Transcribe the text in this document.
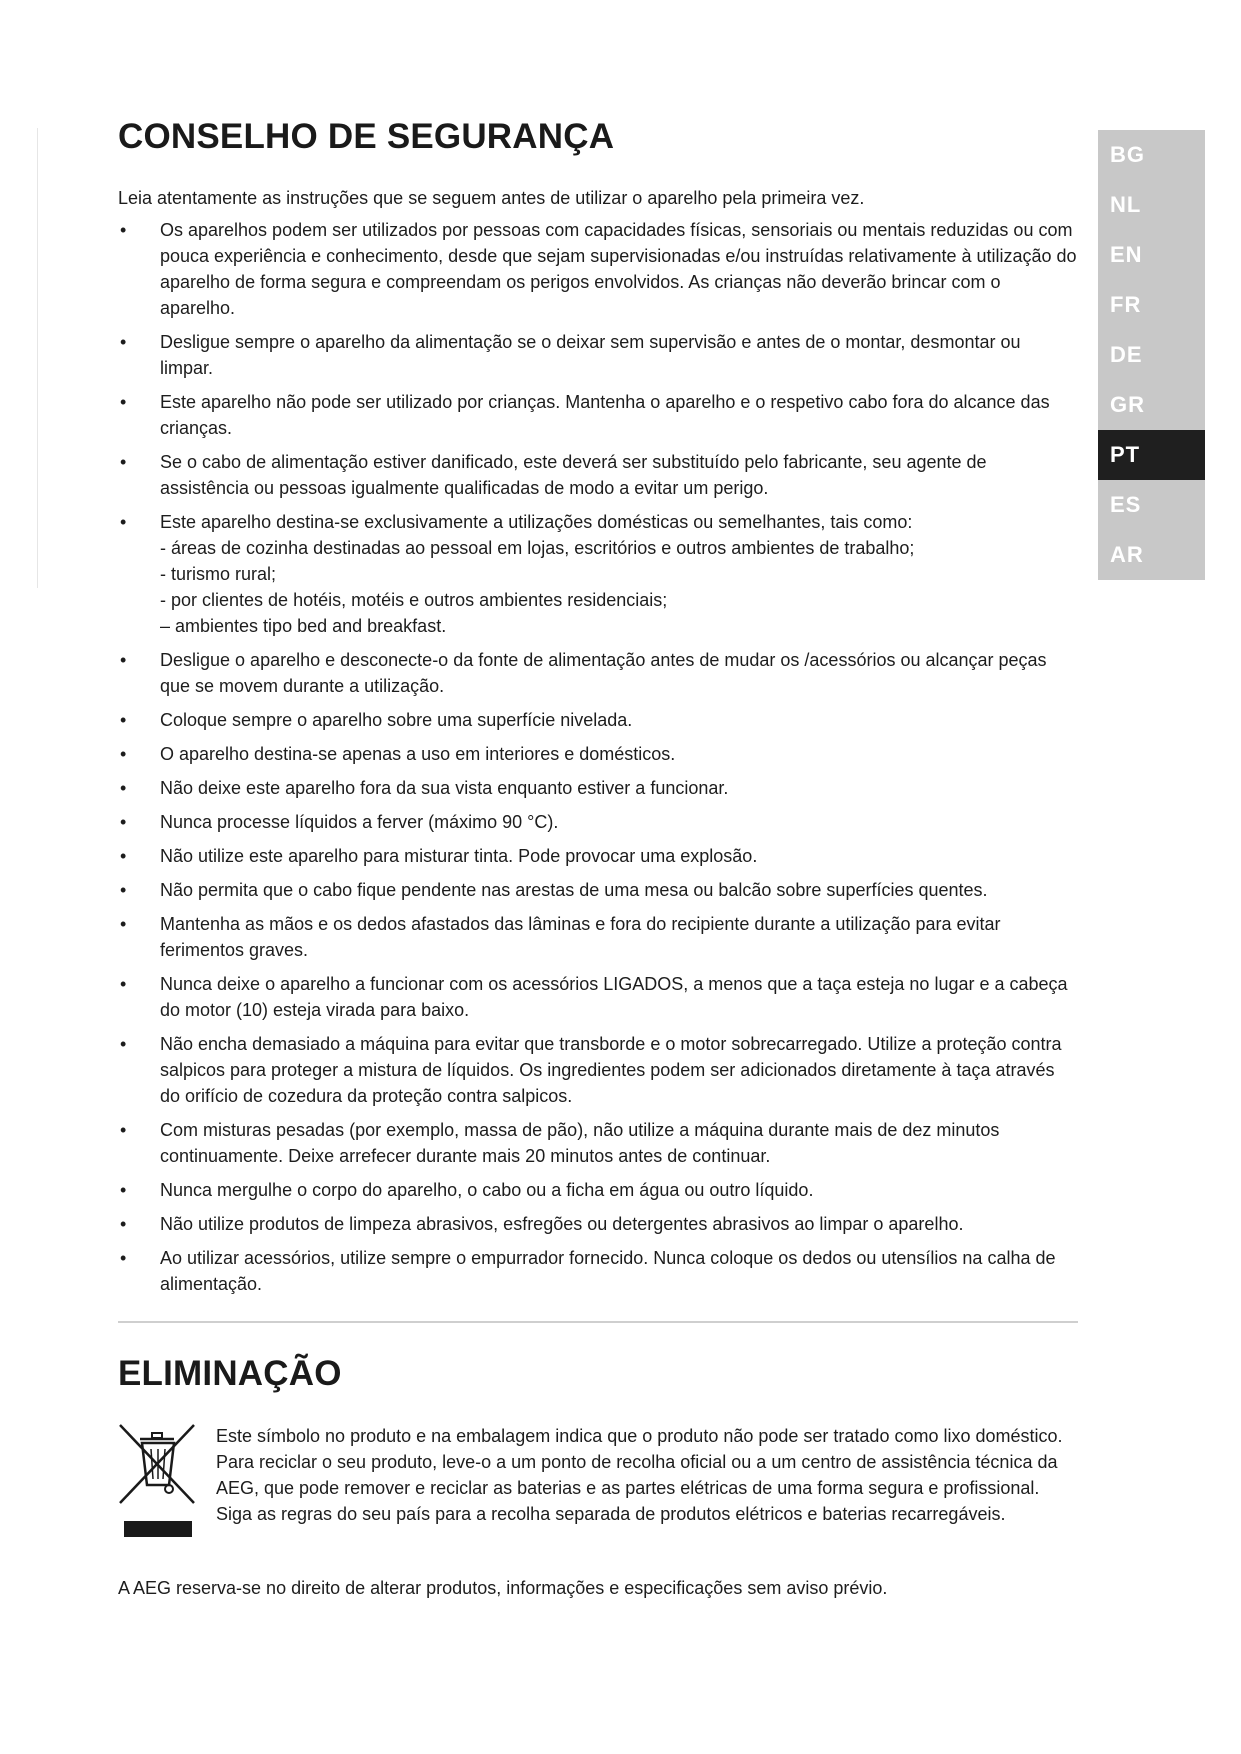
CONSELHO DE SEGURANÇA

Leia atentamente as instruções que se seguem antes de utilizar o aparelho pela primeira vez.

• Os aparelhos podem ser utilizados por pessoas com capacidades físicas, sensoriais ou mentais reduzidas ou com pouca experiência e conhecimento, desde que sejam supervisionadas e/ou instruídas relativamente à utilização do aparelho de forma segura e compreendam os perigos envolvidos. As crianças não deverão brincar com o aparelho.
• Desligue sempre o aparelho da alimentação se o deixar sem supervisão e antes de o montar, desmontar ou limpar.
• Este aparelho não pode ser utilizado por crianças. Mantenha o aparelho e o respetivo cabo fora do alcance das crianças.
• Se o cabo de alimentação estiver danificado, este deverá ser substituído pelo fabricante, seu agente de assistência ou pessoas igualmente qualificadas de modo a evitar um perigo.
• Este aparelho destina-se exclusivamente a utilizações domésticas ou semelhantes, tais como:
- áreas de cozinha destinadas ao pessoal em lojas, escritórios e outros ambientes de trabalho;
- turismo rural;
- por clientes de hotéis, motéis e outros ambientes residenciais;
– ambientes tipo bed and breakfast.
• Desligue o aparelho e desconecte-o da fonte de alimentação antes de mudar os /acessórios ou alcançar peças que se movem durante a utilização.
• Coloque sempre o aparelho sobre uma superfície nivelada.
• O aparelho destina-se apenas a uso em interiores e domésticos.
• Não deixe este aparelho fora da sua vista enquanto estiver a funcionar.
• Nunca processe líquidos a ferver (máximo 90 °C).
• Não utilize este aparelho para misturar tinta. Pode provocar uma explosão.
• Não permita que o cabo fique pendente nas arestas de uma mesa ou balcão sobre superfícies quentes.
• Mantenha as mãos e os dedos afastados das lâminas e fora do recipiente durante a utilização para evitar ferimentos graves.
• Nunca deixe o aparelho a funcionar com os acessórios LIGADOS, a menos que a taça esteja no lugar e a cabeça do motor (10) esteja virada para baixo.
• Não encha demasiado a máquina para evitar que transborde e o motor sobrecarregado. Utilize a proteção contra salpicos para proteger a mistura de líquidos. Os ingredientes podem ser adicionados diretamente à taça através do orifício de cozedura da proteção contra salpicos.
• Com misturas pesadas (por exemplo, massa de pão), não utilize a máquina durante mais de dez minutos continuamente. Deixe arrefecer durante mais 20 minutos antes de continuar.
• Nunca mergulhe o corpo do aparelho, o cabo ou a ficha em água ou outro líquido.
• Não utilize produtos de limpeza abrasivos, esfregões ou detergentes abrasivos ao limpar o aparelho.
• Ao utilizar acessórios, utilize sempre o empurrador fornecido. Nunca coloque os dedos ou utensílios na calha de alimentação.
ELIMINAÇÃO
Este símbolo no produto e na embalagem indica que o produto não pode ser tratado como lixo doméstico. Para reciclar o seu produto, leve-o a um ponto de recolha oficial ou a um centro de assistência técnica da AEG, que pode remover e reciclar as baterias e as partes elétricas de uma forma segura e profissional. Siga as regras do seu país para a recolha separada de produtos elétricos e baterias recarregáveis.

A AEG reserva-se no direito de alterar produtos, informações e especificações sem aviso prévio.

BG
NL
EN
FR
DE
GR
PT
ES
AR
